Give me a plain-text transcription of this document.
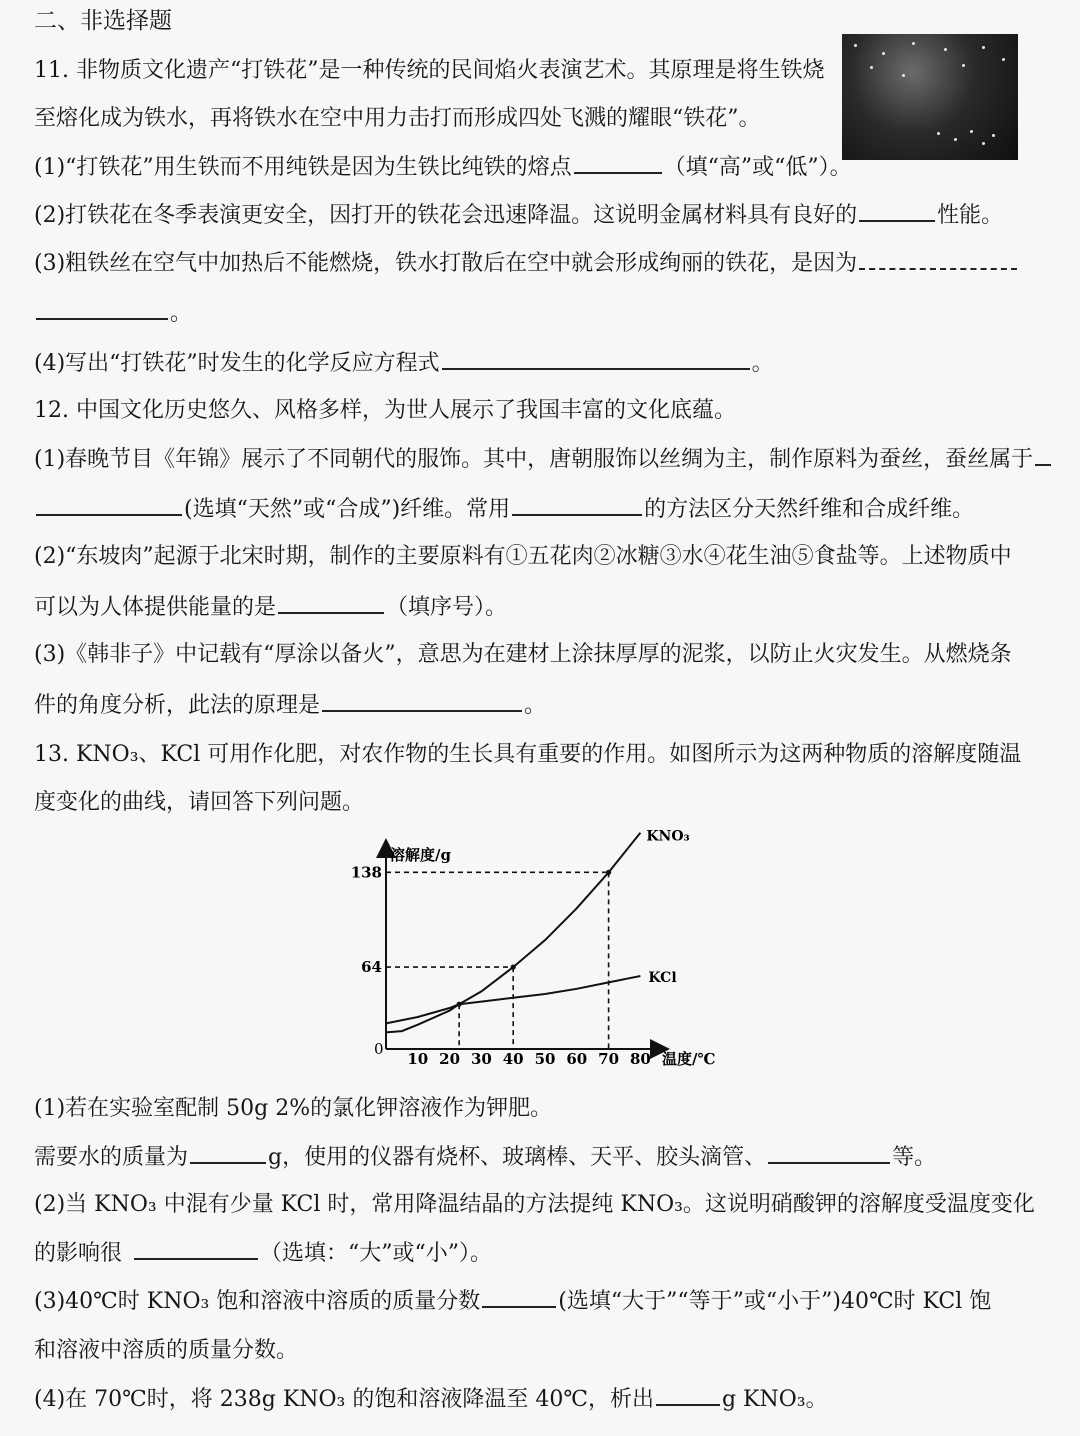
二、非选择题
11. 非物质文化遗产“打铁花”是一种传统的民间焰火表演艺术。其原理是将生铁烧
至熔化成为铁水，再将铁水在空中用力击打而形成四处飞溅的耀眼“铁花”。
(1)“打铁花”用生铁而不用纯铁是因为生铁比纯铁的熔点	（填“高”或“低”）。
(2)打铁花在冬季表演更安全，因打开的铁花会迅速降温。这说明金属材料具有良好的	性能。
(3)粗铁丝在空气中加热后不能燃烧，铁水打散后在空中就会形成绚丽的铁花，是因为
。
(4)写出“打铁花”时发生的化学反应方程式	。
12. 中国文化历史悠久、风格多样，为世人展示了我国丰富的文化底蕴。
(1)春晚节目《年锦》展示了不同朝代的服饰。其中，唐朝服饰以丝绸为主，制作原料为蚕丝，蚕丝属于
(选填“天然”或“合成”)纤维。常用	的方法区分天然纤维和合成纤维。
(2)“东坡肉”起源于北宋时期，制作的主要原料有①五花肉②冰糖③水④花生油⑤食盐等。上述物质中
可以为人体提供能量的是	（填序号）。
(3)《韩非子》中记载有“厚涂以备火”，意思为在建材上涂抹厚厚的泥浆，以防止火灾发生。从燃烧条
件的角度分析，此法的原理是	。
13. KNO₃、KCl 可用作化肥，对农作物的生长具有重要的作用。如图所示为这两种物质的溶解度随温
度变化的曲线，请回答下列问题。
溶解度/g
温度/℃
0
10 20 30 40 50 60 70 80
64
138
KNO₃
KCl
(1)若在实验室配制 50g 2%的氯化钾溶液作为钾肥。
需要水的质量为	g，使用的仪器有烧杯、玻璃棒、天平、胶头滴管、	等。
(2)当 KNO₃ 中混有少量 KCl 时，常用降温结晶的方法提纯 KNO₃。这说明硝酸钾的溶解度受温度变化
的影响很	（选填：“大”或“小”）。
(3)40℃时 KNO₃ 饱和溶液中溶质的质量分数	(选填“大于”“等于”或“小于”)40℃时 KCl 饱
和溶液中溶质的质量分数。
(4)在 70℃时，将 238g KNO₃ 的饱和溶液降温至 40℃，析出	g KNO₃。
